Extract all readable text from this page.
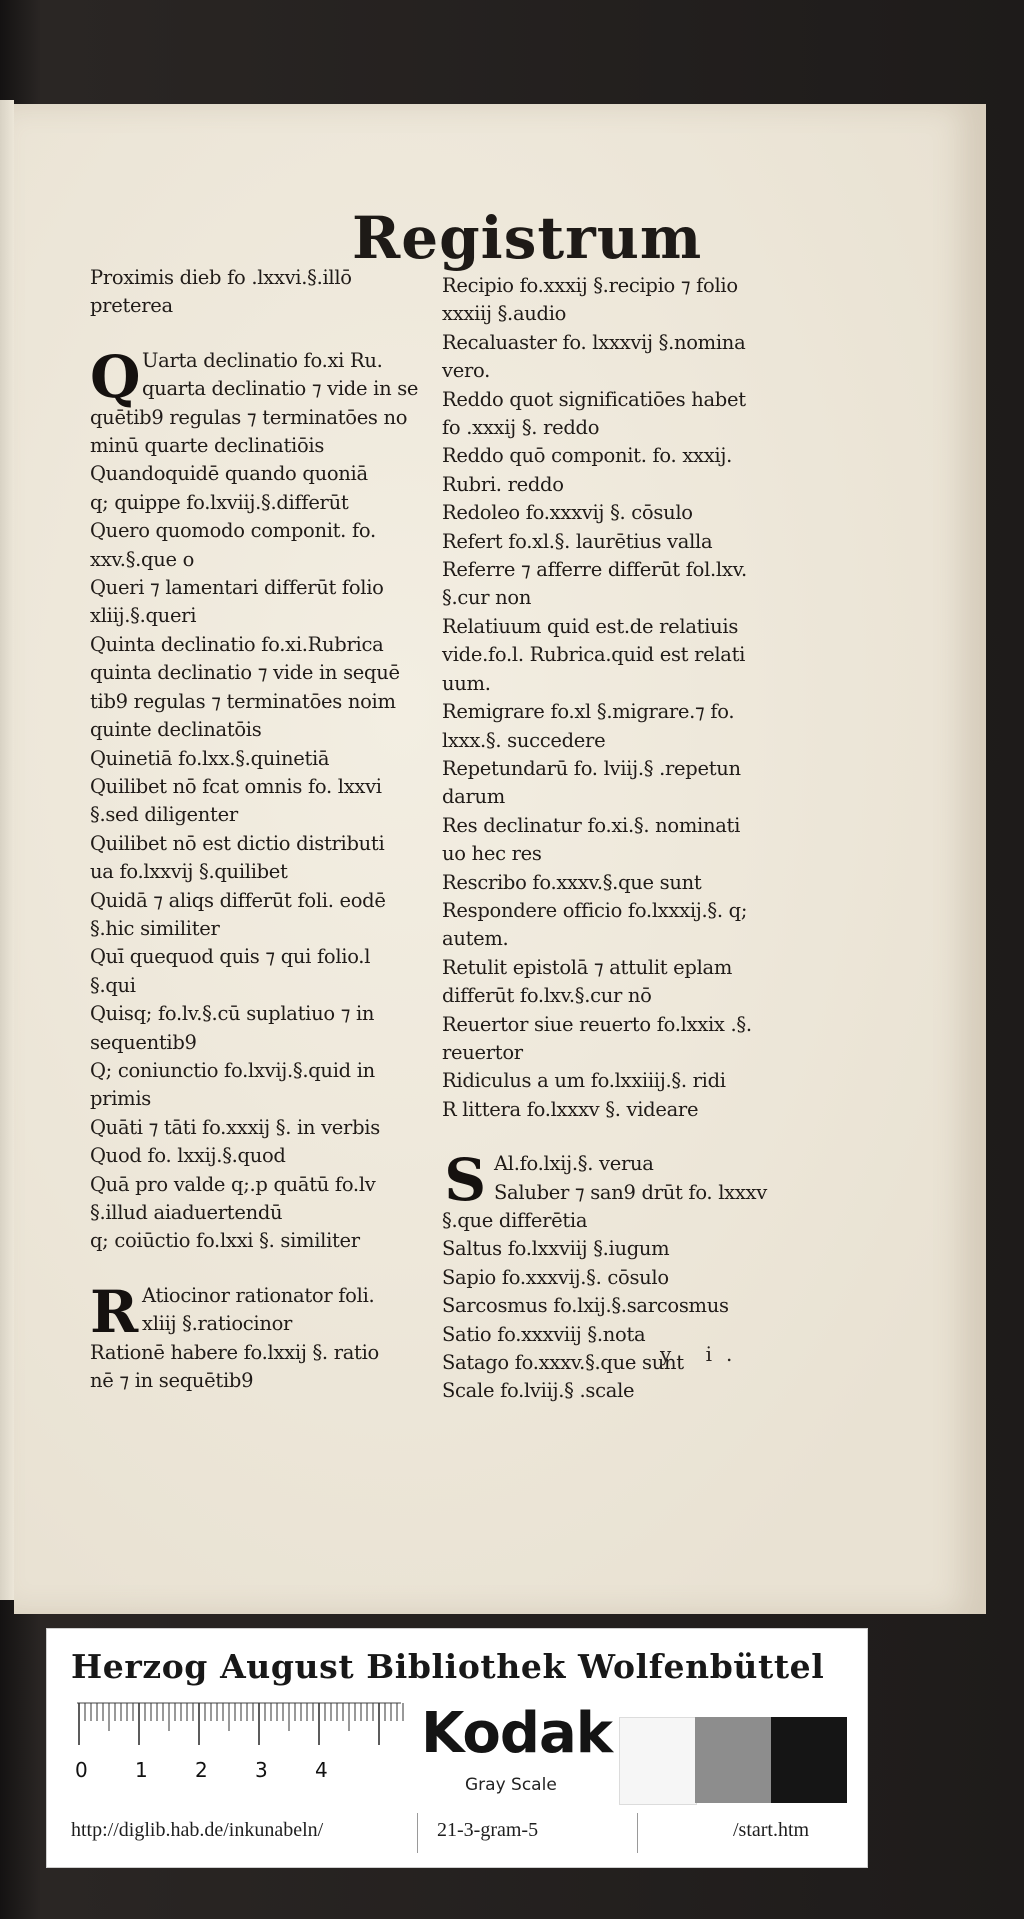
Registrum
Proximis dieb fo .lxxvi.§.illō
preterea
Q Uarta declinatio fo.xi Ru.
quarta declinatio ⁊ vide in se
quētib9 regulas ⁊ terminatōes no
minū quarte declinatiōis
Quandoquidē quando quoniā
q; quippe fo.lxviij.§.differūt
Quero quomodo componit. fo.
xxv.§.que o
Queri ⁊ lamentari differūt folio
xliij.§.queri
Quinta declinatio fo.xi.Rubrica
quinta declinatio ⁊ vide in sequē
tib9 regulas ⁊ terminatōes noim
quinte declinatōis
Quinetiā fo.lxx.§.quinetiā
Quilibet nō fcat omnis fo. lxxvi
§.sed diligenter
Quilibet nō est dictio distributi
ua fo.lxxvij §.quilibet
Quidā ⁊ aliqs differūt foli. eodē
§.hic similiter
Quī quequod quis ⁊ qui folio.l
§.qui
Quisq; fo.lv.§.cū suplatiuo ⁊ in
sequentib9
Q; coniunctio fo.lxvij.§.quid in
primis
Quāti ⁊ tāti fo.xxxij §. in verbis
Quod fo. lxxij.§.quod
Quā pro valde q;.p quātū fo.lv
§.illud aiaduertendū
q; coiūctio fo.lxxi §. similiter
R Atiocinor rationator foli.
xliij §.ratiocinor
Rationē habere fo.lxxij §. ratio
nē ⁊ in sequētib9
Recipio fo.xxxij §.recipio ⁊ folio
xxxiij §.audio
Recaluaster fo. lxxxvij §.nomina
vero.
Reddo quot significatiōes habet
fo .xxxij §. reddo
Reddo quō componit. fo. xxxij.
Rubri. reddo
Redoleo fo.xxxvij §. cōsulo
Refert fo.xl.§. laurētius valla
Referre ⁊ afferre differūt fol.lxv.
§.cur non
Relatiuum quid est.de relatiuis
vide.fo.l. Rubrica.quid est relati
uum.
Remigrare fo.xl §.migrare.⁊ fo.
lxxx.§. succedere
Repetundarū fo. lviij.§ .repetun
darum
Res declinatur fo.xi.§. nominati
uo hec res
Rescribo fo.xxxv.§.que sunt
Respondere officio fo.lxxxij.§. q;
autem.
Retulit epistolā ⁊ attulit eplam
differūt fo.lxv.§.cur nō
Reuertor siue reuerto fo.lxxix .§.
reuertor
Ridiculus a um fo.lxxiiij.§. ridi
R littera fo.lxxxv §. videare
S Al.fo.lxij.§. verua
Saluber ⁊ san9 drūt fo. lxxxv
§.que differētia
Saltus fo.lxxviij §.iugum
Sapio fo.xxxvij.§. cōsulo
Sarcosmus fo.lxij.§.sarcosmus
Satio fo.xxxviij §.nota
Satago fo.xxxv.§.que sunt
Scale fo.lviij.§ .scale
y i.
Herzog August Bibliothek Wolfenbüttel
0 1 2 3 4
Kodak
Gray Scale
http://diglib.hab.de/inkunabeln/	21-3-gram-5	/start.htm
